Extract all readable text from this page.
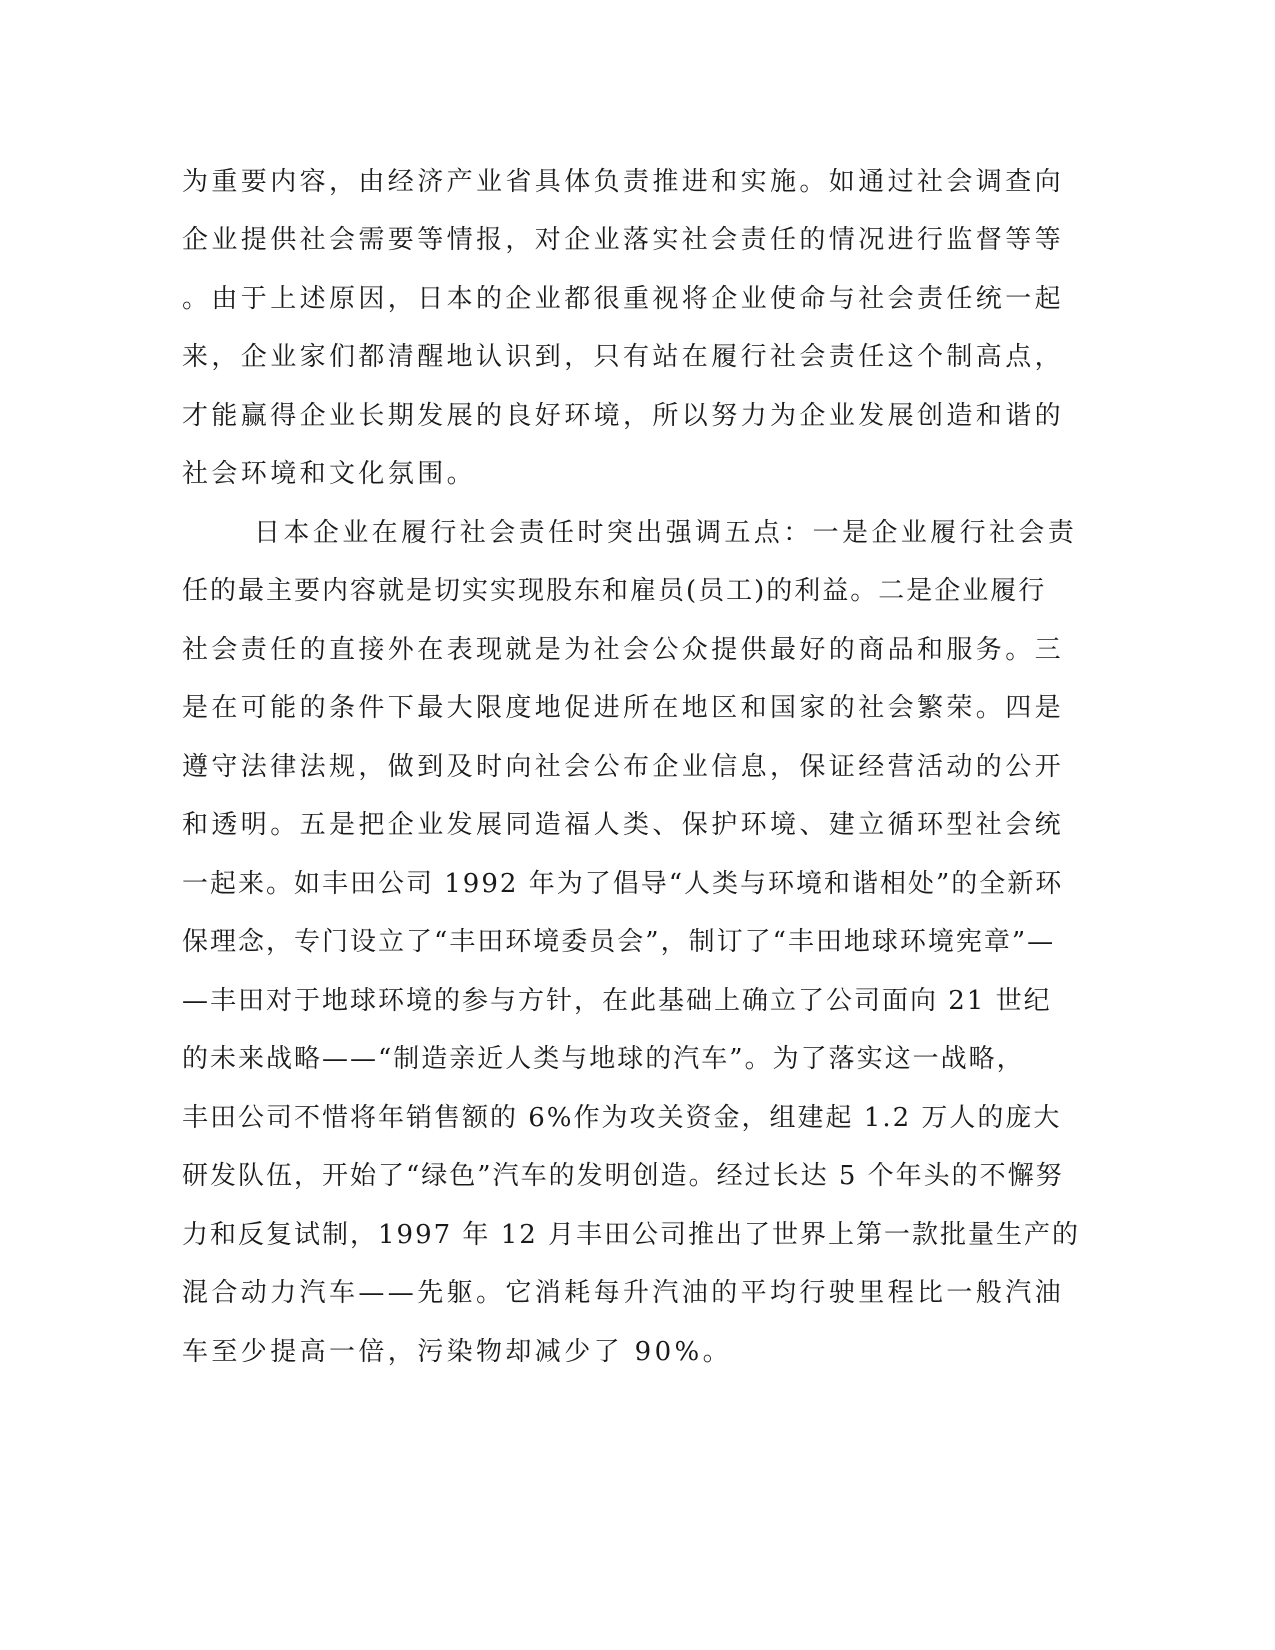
为重要内容，由经济产业省具体负责推进和实施。如通过社会调查向

企业提供社会需要等情报，对企业落实社会责任的情况进行监督等等

。由于上述原因，日本的企业都很重视将企业使命与社会责任统一起

来，企业家们都清醒地认识到，只有站在履行社会责任这个制高点，

才能赢得企业长期发展的良好环境，所以努力为企业发展创造和谐的

社会环境和文化氛围。

日本企业在履行社会责任时突出强调五点：一是企业履行社会责

任的最主要内容就是切实实现股东和雇员(员工)的利益。二是企业履行

社会责任的直接外在表现就是为社会公众提供最好的商品和服务。三

是在可能的条件下最大限度地促进所在地区和国家的社会繁荣。四是

遵守法律法规，做到及时向社会公布企业信息，保证经营活动的公开

和透明。五是把企业发展同造福人类、保护环境、建立循环型社会统

一起来。如丰田公司 1992 年为了倡导“人类与环境和谐相处”的全新环

保理念，专门设立了“丰田环境委员会”，制订了“丰田地球环境宪章”—

—丰田对于地球环境的参与方针，在此基础上确立了公司面向 21 世纪

的未来战略——“制造亲近人类与地球的汽车”。为了落实这一战略，

丰田公司不惜将年销售额的 6%作为攻关资金，组建起 1.2 万人的庞大

研发队伍，开始了“绿色”汽车的发明创造。经过长达 5 个年头的不懈努

力和反复试制，1997 年 12 月丰田公司推出了世界上第一款批量生产的

混合动力汽车——先躯。它消耗每升汽油的平均行驶里程比一般汽油

车至少提高一倍，污染物却减少了 90%。
